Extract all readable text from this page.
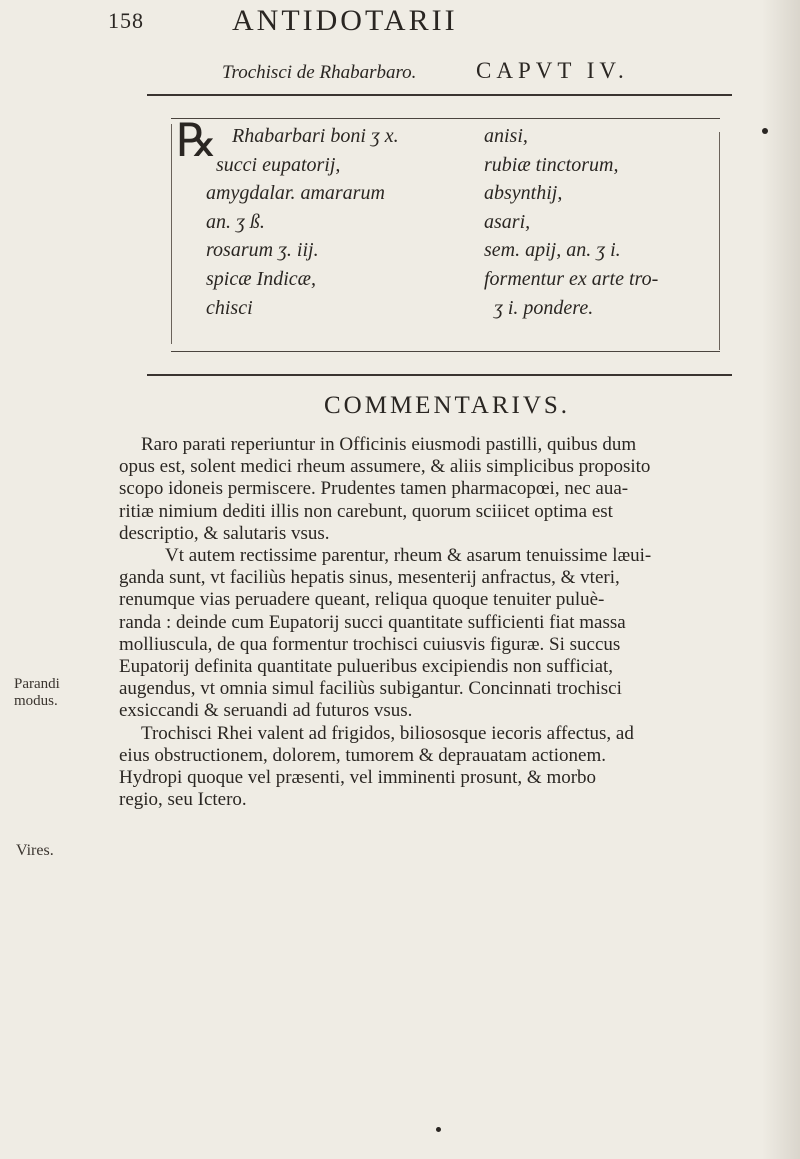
158	ANTIDOTARII
Trochisci de Rhabarbaro.	CAPVT IV.
℞ Rhabarbari boni ʒ x.
succi eupatorij,
amygdalar. amararum
an. ʒ ß.
rosarum ʒ. iij.
spicæ Indicæ,
chisci
anisi,
rubiæ tinctorum,
absynthij,
asari,
sem. apij, an. ʒ i.
formentur ex arte tro-
ʒ i. pondere.
COMMENTARIVS.
Raro parati reperiuntur in Officinis eiusmodi pastilli, quibus dum
opus est, solent medici rheum assumere, & aliis simplicibus proposito
scopo idoneis permiscere. Prudentes tamen pharmacopœi, nec aua-
ritiæ nimium dediti illis non carebunt, quorum sciiicet optima est
descriptio, & salutaris vsus.
Vt autem rectissime parentur, rheum & asarum tenuissime læui-
ganda sunt, vt faciliùs hepatis sinus, mesenterij anfractus, & vteri,
renumque vias peruadere queant, reliqua quoque tenuiter puluè-
randa : deinde cum Eupatorij succi quantitate sufficienti fiat massa
molliuscula, de qua formentur trochisci cuiusvis figuræ. Si succus
Eupatorij definita quantitate pulueribus excipiendis non sufficiat,
augendus, vt omnia simul faciliùs subigantur. Concinnati trochisci
exsiccandi & seruandi ad futuros vsus.
Trochisci Rhei valent ad frigidos, biliososque iecoris affectus, ad
eius obstructionem, dolorem, tumorem & deprauatam actionem.
Hydropi quoque vel præsenti, vel imminenti prosunt, & morbo
regio, seu Ictero.
Parandi modus.
Vires.
